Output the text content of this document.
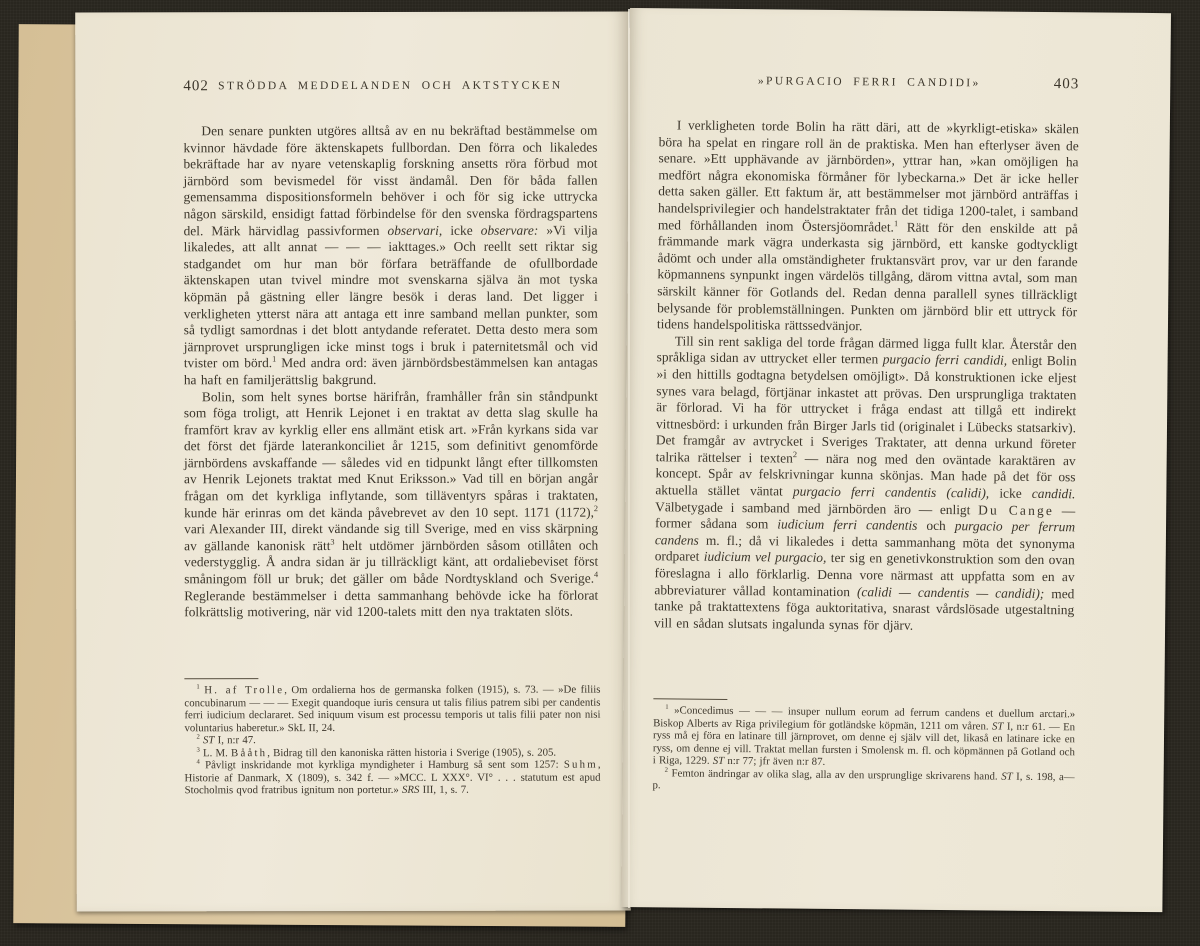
402 STRÖDDA MEDDELANDEN OCH AKTSTYCKEN

Den senare punkten utgöres alltså av en nu bekräftad bestämmelse om kvinnor hävdade före äktenskapets fullbordan. Den förra och likaledes bekräftade har av nyare vetenskaplig forskning ansetts röra förbud mot järnbörd som bevismedel för visst ändamål. Den för båda fallen gemensamma dispositionsformeln behöver i och för sig icke uttrycka någon särskild, ensidigt fattad förbindelse för den svenska fördragspartens del. Märk härvidlag passivformen observari, icke observare: »Vi vilja likaledes, att allt annat — — — iakttages.» Och reellt sett riktar sig stadgandet om hur man bör förfara beträffande de ofullbordade äktenskapen utan tvivel mindre mot svenskarna själva än mot tyska köpmän på gästning eller längre besök i deras land. Det ligger i verkligheten ytterst nära att antaga ett inre samband mellan punkter, som så tydligt samordnas i det blott antydande referatet. Detta desto mera som järnprovet ursprungligen icke minst togs i bruk i paternitetsmål och vid tvister om börd.$^1$ Med andra ord: även järnbördsbestämmelsen kan antagas ha haft en familjerättslig bakgrund.

Bolin, som helt synes bortse härifrån, framhåller från sin ståndpunkt som föga troligt, att Henrik Lejonet i en traktat av detta slag skulle ha framfört krav av kyrklig eller ens allmänt etisk art. »Från kyrkans sida var det först det fjärde laterankonciliet år 1215, som definitivt genomförde järnbördens avskaffande — således vid en tidpunkt långt efter tillkomsten av Henrik Lejonets traktat med Knut Eriksson.» Vad till en början angår frågan om det kyrkliga inflytande, som tilläventyrs spåras i traktaten, kunde här erinras om det kända påvebrevet av den 10 sept. 1171 (1172),$^2$ vari Alexander III, direkt vändande sig till Sverige, med en viss skärpning av gällande kanonisk rätt$^3$ helt utdömer järnbörden såsom otillåten och vederstygglig. Å andra sidan är ju tillräckligt känt, att ordaliebeviset först småningom föll ur bruk; det gäller om både Nordtyskland och Sverige.$^4$ Reglerande bestämmelser i detta sammanhang behövde icke ha förlorat folkrättslig motivering, när vid 1200-talets mitt den nya traktaten slöts.

$^1$ H. af Trolle, Om ordalierna hos de germanska folken (1915), s. 73. — »De filiis concubinarum — — — Exegit quandoque iuris censura ut talis filius patrem sibi per candentis ferri iudicium declararet. Sed iniquum visum est processu temporis ut talis filii pater non nisi voluntarius haberetur.» SkL II, 24.

$^2$ ST I, n:r 47.

$^3$ L. M. Bååth, Bidrag till den kanoniska rätten historia i Sverige (1905), s. 205.

$^4$ Påvligt inskridande mot kyrkliga myndigheter i Hamburg så sent som 1257: Suhm, Historie af Danmark, X (1809), s. 342 f. — »MCC. L XXX°. VI° . . . statutum est apud Stocholmis qvod fratribus ignitum non portetur.» SRS III, 1, s. 7.

»PURGACIO FERRI CANDIDI»	403

I verkligheten torde Bolin ha rätt däri, att de »kyrkligt-etiska» skälen böra ha spelat en ringare roll än de praktiska. Men han efterlyser även de senare. »Ett upphävande av järnbörden», yttrar han, »kan omöjligen ha medfört några ekonomiska förmåner för lybeckarna.» Det är icke heller detta saken gäller. Ett faktum är, att bestämmelser mot järnbörd anträffas i handelsprivilegier och handelstraktater från det tidiga 1200-talet, i samband med förhållanden inom Östersjöområdet.$^1$ Rätt för den enskilde att på främmande mark vägra underkasta sig järnbörd, ett kanske godtyckligt ådömt och under alla omständigheter fruktansvärt prov, var ur den farande köpmannens synpunkt ingen värdelös tillgång, därom vittna avtal, som man särskilt känner för Gotlands del. Redan denna parallell synes tillräckligt belysande för problemställningen. Punkten om järnbörd blir ett uttryck för tidens handelspolitiska rättssedvänjor.

Till sin rent sakliga del torde frågan därmed ligga fullt klar. Återstår den språkliga sidan av uttrycket eller termen purgacio ferri candidi, enligt Bolin »i den hittills godtagna betydelsen omöjligt». Då konstruktionen icke eljest synes vara belagd, förtjänar inkastet att prövas. Den ursprungliga traktaten är förlorad. Vi ha för uttrycket i fråga endast att tillgå ett indirekt vittnesbörd: i urkunden från Birger Jarls tid (originalet i Lübecks statsarkiv). Det framgår av avtrycket i Sveriges Traktater, att denna urkund företer talrika rättelser i texten$^2$ — nära nog med den oväntade karaktären av koncept. Spår av felskrivningar kunna skönjas. Man hade på det för oss aktuella stället väntat purgacio ferri candentis (calidi), icke candidi. Välbetygade i samband med järnbörden äro — enligt Du Cange — former sådana som iudicium ferri candentis och purgacio per ferrum candens m. fl.; då vi likaledes i detta sammanhang möta det synonyma ordparet iudicium vel purgacio, ter sig en genetivkonstruktion som den ovan föreslagna i allo förklarlig. Denna vore närmast att uppfatta som en av abbreviaturer vållad kontamination (calidi — candentis — candidi); med tanke på traktattextens föga auktoritativa, snarast vårdslösade utgestaltning vill en sådan slutsats ingalunda synas för djärv.

$^1$ »Concedimus — — — insuper nullum eorum ad ferrum candens et duellum arctari.» Biskop Alberts av Riga privilegium för gotländske köpmän, 1211 om våren. ST I, n:r 61. — En ryss må ej föra en latinare till järnprovet, om denne ej själv vill det, likaså en latinare icke en ryss, om denne ej vill. Traktat mellan fursten i Smolensk m. fl. och köpmännen på Gotland och i Riga, 1229. ST n:r 77; jfr även n:r 87.

$^2$ Femton ändringar av olika slag, alla av den ursprunglige skrivarens hand. ST I, s. 198, a—p.
